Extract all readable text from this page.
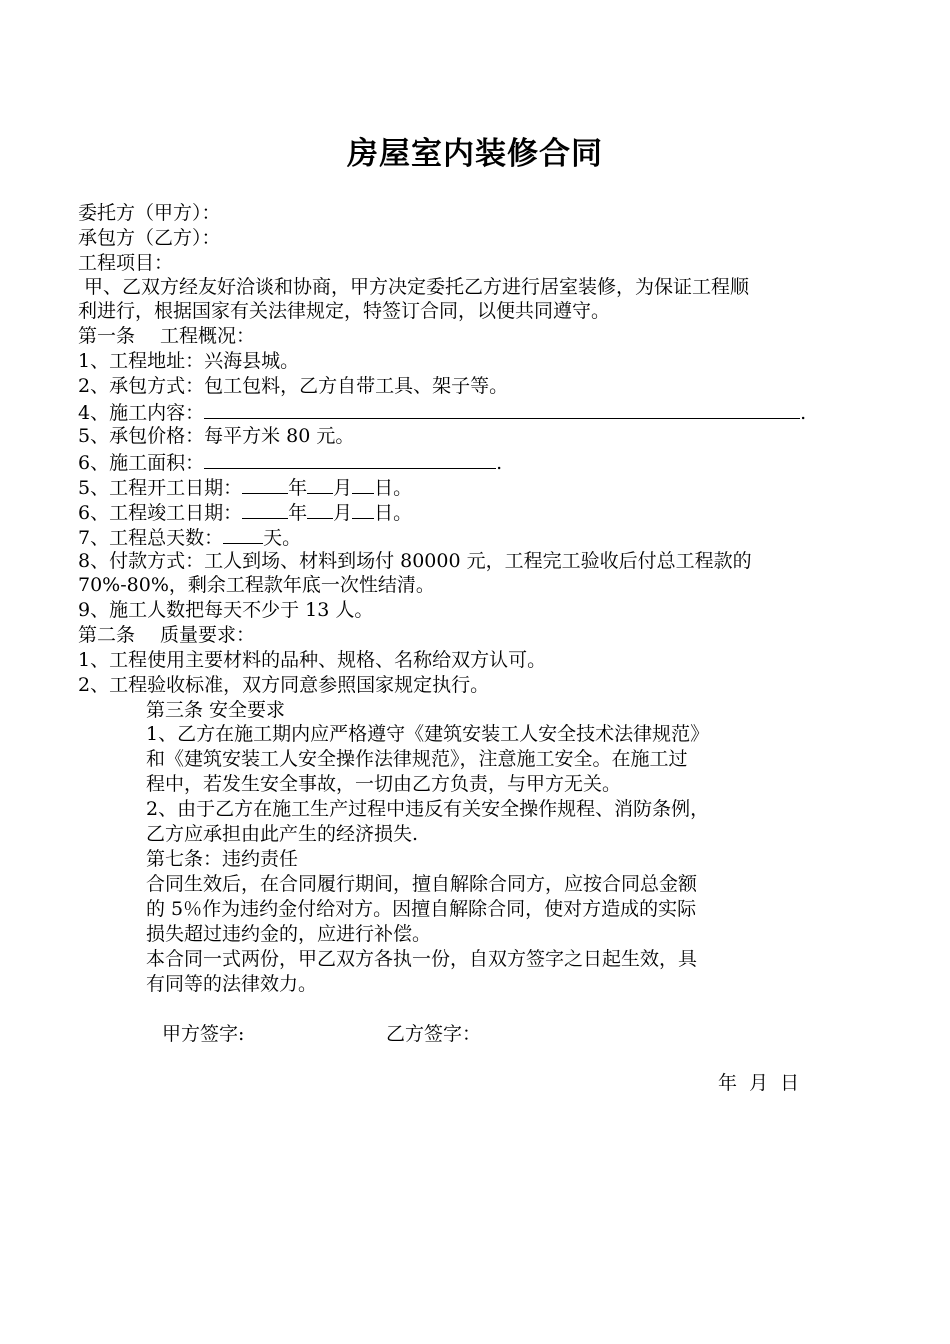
房屋室内装修合同
委托方（甲方）：
承包方（乙方）：
工程项目：
甲、乙双方经友好洽谈和协商，甲方决定委托乙方进行居室装修，为保证工程顺
利进行，根据国家有关法律规定，特签订合同，以便共同遵守。
第一条　 工程概况：
1、工程地址：兴海县城。
2、承包方式：包工包料，乙方自带工具、架子等。
4、施工内容：	.
5、承包价格：每平方米 80 元。
6、施工面积：	.
5、工程开工日期： 年 月 日。
6、工程竣工日期： 年 月 日。
7、工程总天数： 天。
8、付款方式：工人到场、材料到场付 80000 元，工程完工验收后付总工程款的
70%-80%，剩余工程款年底一次性结清。
9、施工人数把每天不少于 13 人。
第二条　 质量要求：
1、工程使用主要材料的品种、规格、名称给双方认可。
2、工程验收标准，双方同意参照国家规定执行。
第三条 安全要求
1、乙方在施工期内应严格遵守《建筑安装工人安全技术法律规范》
和《建筑安装工人安全操作法律规范》，注意施工安全。在施工过
程中，若发生安全事故，一切由乙方负责，与甲方无关。
2、由于乙方在施工生产过程中违反有关安全操作规程、消防条例，
乙方应承担由此产生的经济损失.
第七条：违约责任
合同生效后，在合同履行期间，擅自解除合同方，应按合同总金额
的 5％作为违约金付给对方。因擅自解除合同，使对方造成的实际
损失超过违约金的，应进行补偿。
本合同一式两份，甲乙双方各执一份，自双方签字之日起生效，具
有同等的法律效力。
甲方签字:	乙方签字：
年  月  日
